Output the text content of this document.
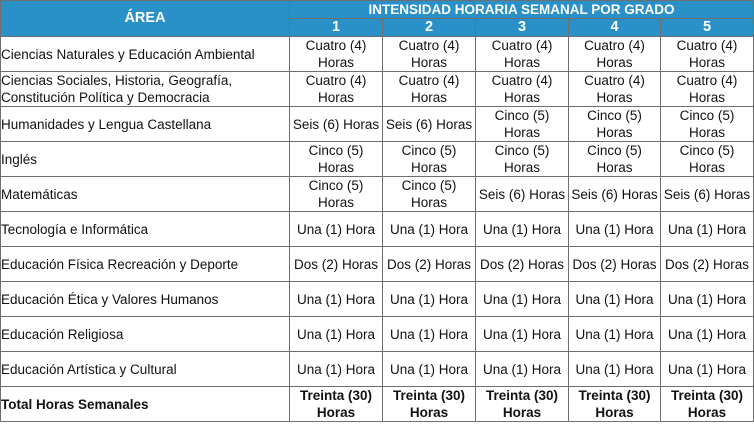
ÁREA	INTENSIDAD HORARIA SEMANAL POR GRADO				
	1	2	3	4	5
Ciencias Naturales y Educación Ambiental	Cuatro (4) Horas	Cuatro (4) Horas	Cuatro (4) Horas	Cuatro (4) Horas	Cuatro (4) Horas
Ciencias Sociales, Historia, Geografía, Constitución Política y Democracia	Cuatro (4) Horas	Cuatro (4) Horas	Cuatro (4) Horas	Cuatro (4) Horas	Cuatro (4) Horas
Humanidades y Lengua Castellana	Seis (6) Horas	Seis (6) Horas	Cinco (5) Horas	Cinco (5) Horas	Cinco (5) Horas
Inglés	Cinco (5) Horas	Cinco (5) Horas	Cinco (5) Horas	Cinco (5) Horas	Cinco (5) Horas
Matemáticas	Cinco (5) Horas	Cinco (5) Horas	Seis (6) Horas	Seis (6) Horas	Seis (6) Horas
Tecnología e Informática	Una (1) Hora	Una (1) Hora	Una (1) Hora	Una (1) Hora	Una (1) Hora
Educación Física Recreación y Deporte	Dos (2) Horas	Dos (2) Horas	Dos (2) Horas	Dos (2) Horas	Dos (2) Horas
Educación Ética y Valores Humanos	Una (1) Hora	Una (1) Hora	Una (1) Hora	Una (1) Hora	Una (1) Hora
Educación Religiosa	Una (1) Hora	Una (1) Hora	Una (1) Hora	Una (1) Hora	Una (1) Hora
Educación Artística y Cultural	Una (1) Hora	Una (1) Hora	Una (1) Hora	Una (1) Hora	Una (1) Hora
Total Horas Semanales	Treinta (30) Horas	Treinta (30) Horas	Treinta (30) Horas	Treinta (30) Horas	Treinta (30) Horas
